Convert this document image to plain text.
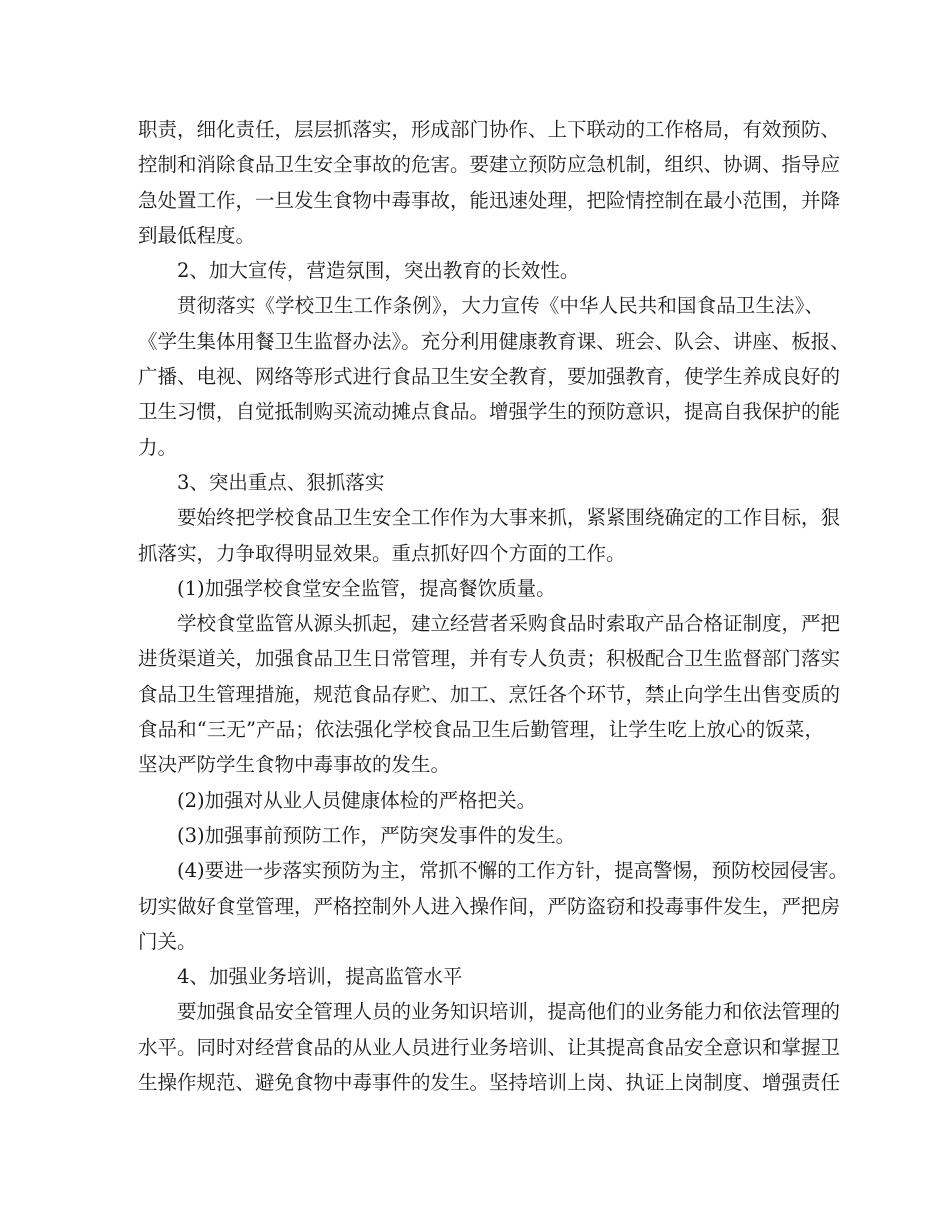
职责，细化责任，层层抓落实，形成部门协作、上下联动的工作格局，有效预防、
控制和消除食品卫生安全事故的危害。要建立预防应急机制，组织、协调、指导应
急处置工作，一旦发生食物中毒事故，能迅速处理，把险情控制在最小范围，并降
到最低程度。
2、加大宣传，营造氛围，突出教育的长效性。
贯彻落实《学校卫生工作条例》，大力宣传《中华人民共和国食品卫生法》、
《学生集体用餐卫生监督办法》。充分利用健康教育课、班会、队会、讲座、板报、
广播、电视、网络等形式进行食品卫生安全教育，要加强教育，使学生养成良好的
卫生习惯，自觉抵制购买流动摊点食品。增强学生的预防意识，提高自我保护的能
力。
3、突出重点、狠抓落实
要始终把学校食品卫生安全工作作为大事来抓，紧紧围绕确定的工作目标，狠
抓落实，力争取得明显效果。重点抓好四个方面的工作。
(1)加强学校食堂安全监管，提高餐饮质量。
学校食堂监管从源头抓起，建立经营者采购食品时索取产品合格证制度，严把
进货渠道关，加强食品卫生日常管理，并有专人负责；积极配合卫生监督部门落实
食品卫生管理措施，规范食品存贮、加工、烹饪各个环节，禁止向学生出售变质的
食品和“三无”产品；依法强化学校食品卫生后勤管理，让学生吃上放心的饭菜，
坚决严防学生食物中毒事故的发生。
(2)加强对从业人员健康体检的严格把关。
(3)加强事前预防工作，严防突发事件的发生。
(4)要进一步落实预防为主，常抓不懈的工作方针，提高警惕，预防校园侵害。
切实做好食堂管理，严格控制外人进入操作间，严防盗窃和投毒事件发生，严把房
门关。
4、加强业务培训，提高监管水平
要加强食品安全管理人员的业务知识培训，提高他们的业务能力和依法管理的
水平。同时对经营食品的从业人员进行业务培训、让其提高食品安全意识和掌握卫
生操作规范、避免食物中毒事件的发生。坚持培训上岗、执证上岗制度、增强责任
